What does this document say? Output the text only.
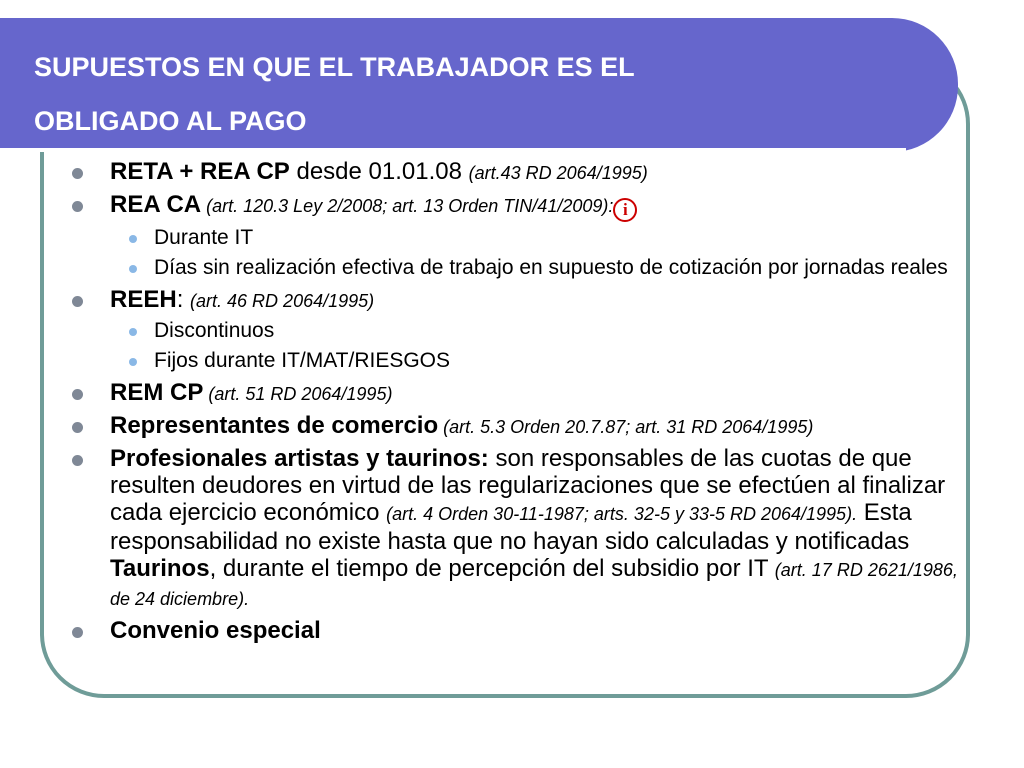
SUPUESTOS EN QUE EL TRABAJADOR ES EL
OBLIGADO AL PAGO
RETA + REA CP desde 01.01.08 (art.43 RD 2064/1995)
REA CA (art. 120.3 Ley 2/2008; art. 13 Orden TIN/41/2009): i
Durante IT
Días sin realización efectiva de trabajo en supuesto de cotización por jornadas reales
REEH: (art. 46 RD 2064/1995)
Discontinuos
Fijos durante IT/MAT/RIESGOS
REM CP (art. 51 RD 2064/1995)
Representantes de comercio (art. 5.3 Orden 20.7.87; art. 31 RD 2064/1995)
Profesionales artistas y taurinos: son responsables de las cuotas de que resulten deudores en virtud de las regularizaciones que se efectúen al finalizar cada ejercicio económico (art. 4 Orden 30-11-1987; arts. 32-5 y 33-5 RD 2064/1995). Esta responsabilidad no existe hasta que no hayan sido calculadas y notificadas Taurinos, durante el tiempo de percepción del subsidio por IT (art. 17 RD 2621/1986, de 24 diciembre).
Convenio especial
